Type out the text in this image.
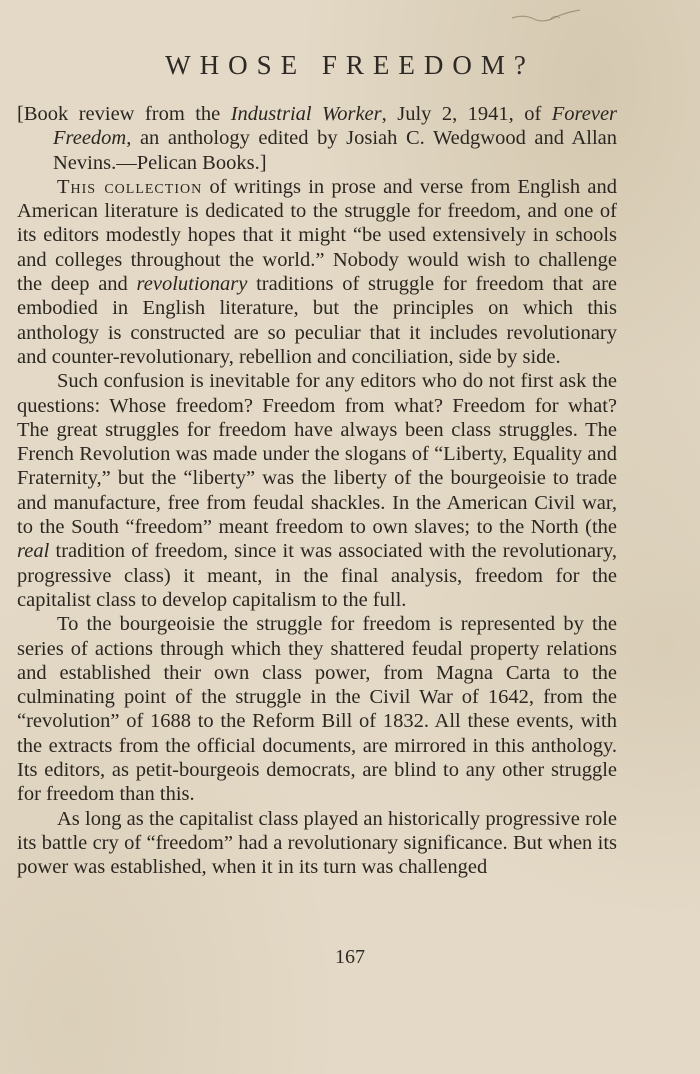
WHOSE FREEDOM?

[Book review from the Industrial Worker, July 2, 1941, of Forever Freedom, an anthology edited by Josiah C. Wedgwood and Allan Nevins.—Pelican Books.]

This collection of writings in prose and verse from English and American literature is dedicated to the struggle for freedom, and one of its editors modestly hopes that it might “be used extensively in schools and colleges throughout the world.” Nobody would wish to challenge the deep and revolutionary traditions of struggle for freedom that are embodied in English literature, but the principles on which this anthology is constructed are so peculiar that it includes revolutionary and counter-revolutionary, rebellion and conciliation, side by side.

Such confusion is inevitable for any editors who do not first ask the questions: Whose freedom? Freedom from what? Freedom for what? The great struggles for freedom have always been class struggles. The French Revolution was made under the slogans of “Liberty, Equality and Fraternity,” but the “liberty” was the liberty of the bourgeoisie to trade and manufacture, free from feudal shackles. In the American Civil war, to the South “freedom” meant freedom to own slaves; to the North (the real tradition of freedom, since it was associated with the revolutionary, progressive class) it meant, in the final analysis, freedom for the capitalist class to develop capitalism to the full.

To the bourgeoisie the struggle for freedom is represented by the series of actions through which they shattered feudal property relations and established their own class power, from Magna Carta to the culminating point of the struggle in the Civil War of 1642, from the “revolution” of 1688 to the Reform Bill of 1832. All these events, with the extracts from the official documents, are mirrored in this anthology. Its editors, as petit-bourgeois democrats, are blind to any other struggle for freedom than this.

As long as the capitalist class played an historically progressive role its battle cry of “freedom” had a revolutionary significance. But when its power was established, when it in its turn was challenged

167
